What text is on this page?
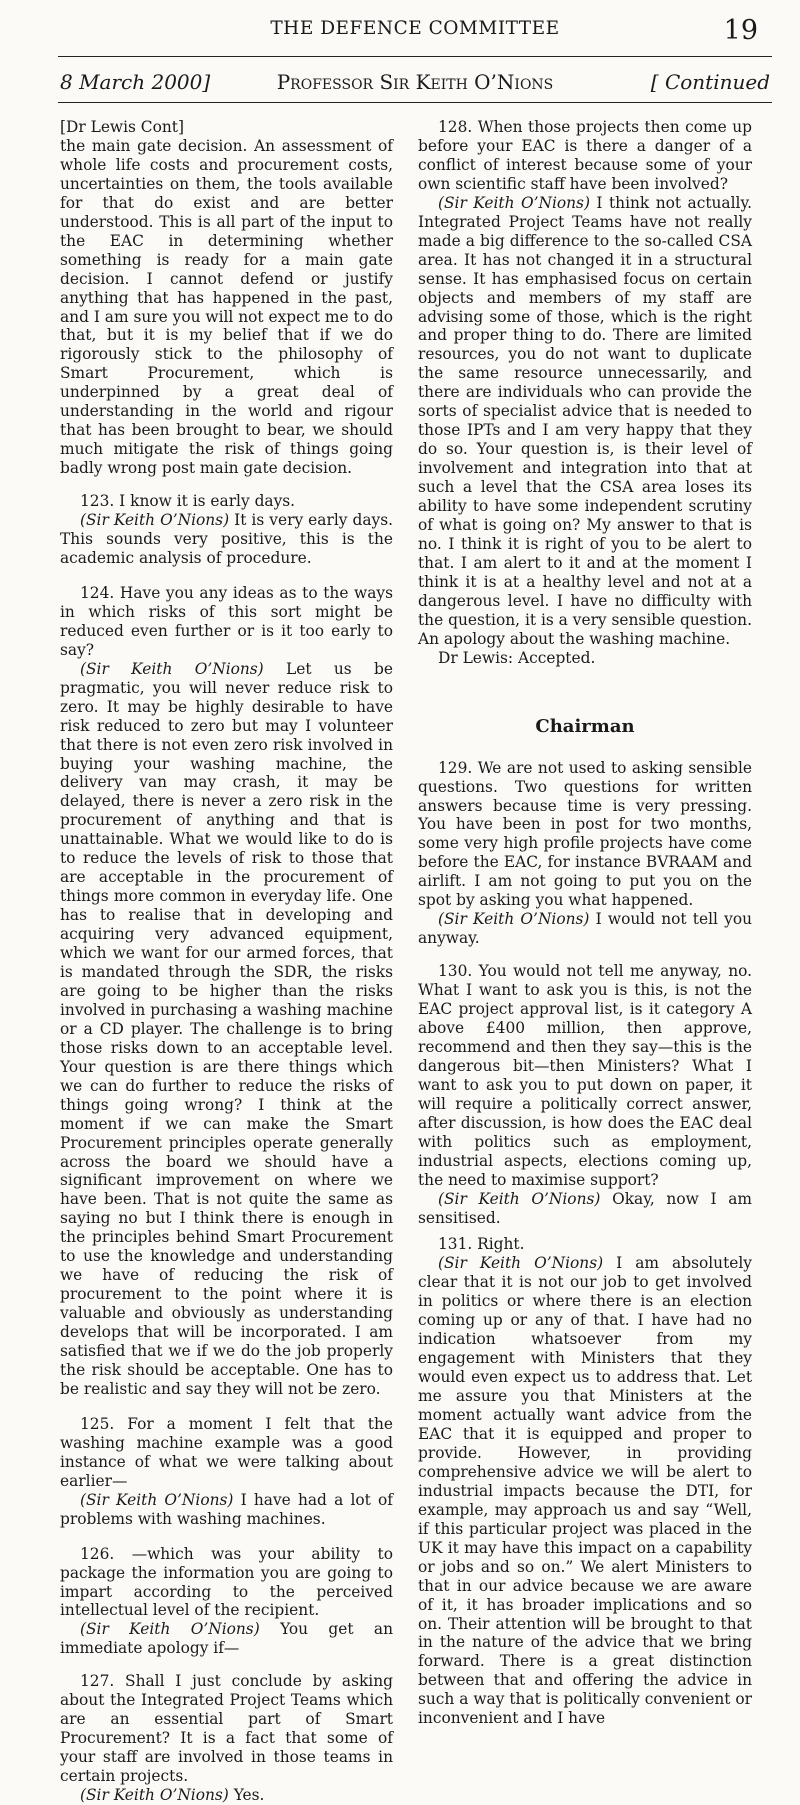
THE DEFENCE COMMITTEE	19
8 March 2000]	Professor Sir Keith O’Nions	[ Continued

[Dr Lewis Cont]

the main gate decision. An assessment of whole life costs and procurement costs, uncertainties on them, the tools available for that do exist and are better understood. This is all part of the input to the EAC in determining whether something is ready for a main gate decision. I cannot defend or justify anything that has happened in the past, and I am sure you will not expect me to do that, but it is my belief that if we do rigorously stick to the philosophy of Smart Procurement, which is underpinned by a great deal of understanding in the world and rigour that has been brought to bear, we should much mitigate the risk of things going badly wrong post main gate decision.

123. I know it is early days.

(Sir Keith O’Nions) It is very early days. This sounds very positive, this is the academic analysis of procedure.

124. Have you any ideas as to the ways in which risks of this sort might be reduced even further or is it too early to say?

(Sir Keith O’Nions) Let us be pragmatic, you will never reduce risk to zero. It may be highly desirable to have risk reduced to zero but may I volunteer that there is not even zero risk involved in buying your washing machine, the delivery van may crash, it may be delayed, there is never a zero risk in the procurement of anything and that is unattainable. What we would like to do is to reduce the levels of risk to those that are acceptable in the procurement of things more common in everyday life. One has to realise that in developing and acquiring very advanced equipment, which we want for our armed forces, that is mandated through the SDR, the risks are going to be higher than the risks involved in purchasing a washing machine or a CD player. The challenge is to bring those risks down to an acceptable level. Your question is are there things which we can do further to reduce the risks of things going wrong? I think at the moment if we can make the Smart Procurement principles operate generally across the board we should have a significant improvement on where we have been. That is not quite the same as saying no but I think there is enough in the principles behind Smart Procurement to use the knowledge and understanding we have of reducing the risk of procurement to the point where it is valuable and obviously as understanding develops that will be incorporated. I am satisfied that we if we do the job properly the risk should be acceptable. One has to be realistic and say they will not be zero.

125. For a moment I felt that the washing machine example was a good instance of what we were talking about earlier—

(Sir Keith O’Nions) I have had a lot of problems with washing machines.

126. —which was your ability to package the information you are going to impart according to the perceived intellectual level of the recipient.

(Sir Keith O’Nions) You get an immediate apology if—

127. Shall I just conclude by asking about the Integrated Project Teams which are an essential part of Smart Procurement? It is a fact that some of your staff are involved in those teams in certain projects.

(Sir Keith O’Nions) Yes.

128. When those projects then come up before your EAC is there a danger of a conflict of interest because some of your own scientific staff have been involved?

(Sir Keith O’Nions) I think not actually. Integrated Project Teams have not really made a big difference to the so-called CSA area. It has not changed it in a structural sense. It has emphasised focus on certain objects and members of my staff are advising some of those, which is the right and proper thing to do. There are limited resources, you do not want to duplicate the same resource unnecessarily, and there are individuals who can provide the sorts of specialist advice that is needed to those IPTs and I am very happy that they do so. Your question is, is their level of involvement and integration into that at such a level that the CSA area loses its ability to have some independent scrutiny of what is going on? My answer to that is no. I think it is right of you to be alert to that. I am alert to it and at the moment I think it is at a healthy level and not at a dangerous level. I have no difficulty with the question, it is a very sensible question. An apology about the washing machine.

Dr Lewis: Accepted.

Chairman

129. We are not used to asking sensible questions. Two questions for written answers because time is very pressing. You have been in post for two months, some very high profile projects have come before the EAC, for instance BVRAAM and airlift. I am not going to put you on the spot by asking you what happened.

(Sir Keith O’Nions) I would not tell you anyway.

130. You would not tell me anyway, no. What I want to ask you is this, is not the EAC project approval list, is it category A above £400 million, then approve, recommend and then they say—this is the dangerous bit—then Ministers? What I want to ask you to put down on paper, it will require a politically correct answer, after discussion, is how does the EAC deal with politics such as employment, industrial aspects, elections coming up, the need to maximise support?

(Sir Keith O’Nions) Okay, now I am sensitised.

131. Right.

(Sir Keith O’Nions) I am absolutely clear that it is not our job to get involved in politics or where there is an election coming up or any of that. I have had no indication whatsoever from my engagement with Ministers that they would even expect us to address that. Let me assure you that Ministers at the moment actually want advice from the EAC that it is equipped and proper to provide. However, in providing comprehensive advice we will be alert to industrial impacts because the DTI, for example, may approach us and say “Well, if this particular project was placed in the UK it may have this impact on a capability or jobs and so on.” We alert Ministers to that in our advice because we are aware of it, it has broader implications and so on. Their attention will be brought to that in the nature of the advice that we bring forward. There is a great distinction between that and offering the advice in such a way that is politically convenient or inconvenient and I have
